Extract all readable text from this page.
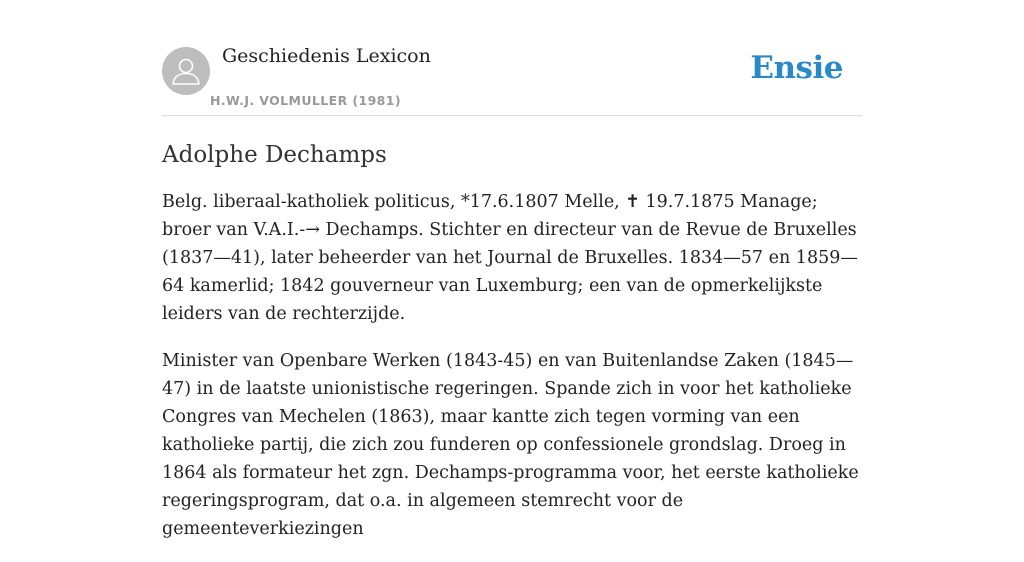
Geschiedenis Lexicon
H.W.J. VOLMULLER (1981)
Ensie
Adolphe Dechamps

Belg. liberaal-katholiek politicus, *17.6.1807 Melle, ✝ 19.7.1875 Manage; broer van V.A.I.-→ Dechamps. Stichter en directeur van de Revue de Bruxelles (1837—41), later beheerder van het Journal de Bruxelles. 1834—57 en 1859—64 kamerlid; 1842 gouverneur van Luxemburg; een van de opmerkelijkste leiders van de rechterzijde.

Minister van Openbare Werken (1843-45) en van Buitenlandse Zaken (1845—47) in de laatste unionistische regeringen. Spande zich in voor het katholieke Congres van Mechelen (1863), maar kantte zich tegen vorming van een katholieke partij, die zich zou funderen op confessionele grondslag. Droeg in 1864 als formateur het zgn. Dechamps-programma voor, het eerste katholieke regeringsprogram, dat o.a. in algemeen stemrecht voor de gemeenteverkiezingen
